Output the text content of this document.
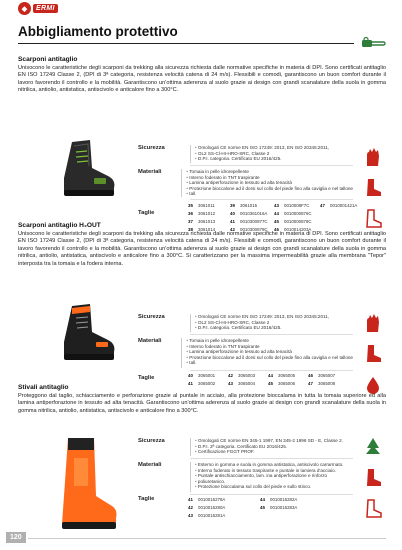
◆	ERMI
Abbigliamento protettivo
Scarponi antitaglio
Unisocono le caratteristiche degli scarponi da trekking alla sicurezza richiesta dalle normative specifiche in materia di DPI. Sono certificati antitaglio EN ISO 17249 Classe 2, (DPI di 3ª categoria, resistenza velocità catena di 24 m/s). Flessibili e comodi, garantiscono un buon comfort durante il lavoro favorendo il controllo e la mobilità. Garantiscono un'ottima aderenza al suolo grazie ai design con grandi scanalature della suola in gomma nitrilica, antiolio, antistatica, antiscivolo e anticalore fino a 300°C.
Sicurezza	• Omologati CE norme EN ISO 17249: 2013, EN ISO 20345:2011,
• OL2 SS-Cl-HI-HRO-SRC, Classe 2
• D.P.I. categoria. Certificato EU 2016/425.
Materiali	• Tomaia in pelle idrorepellente
• Interno foderato in TNT traspirante
• Lamina antiperforazione in tessuto ad alta tenacità
• Protezione bioccalone ad il dorsi sul collo del piede fino alla caviglia e nel tallone
• tall.
Taglie
35	3061011	39	3061015	43	0010008F7C	47	0010001421A
36	3061012	40	0010361016A	44	0010000876C
37	3061013	41	0010300877C	45	0010000878C
38	3061014	42	0010300879C	46	0010014203A

Scarponi antitaglio H₂OUT
Unisocono le caratteristiche degli scarponi da trekking alla sicurezza richiesta dalle normative specifiche in materia di DPI. Sono certificati antitaglio EN ISO 17249 Classe 2, (DPI di 3ª categoria, resistenza velocità catena di 24 m/s). Flessibili e comodi, garantiscono un buon comfort durante il lavoro favorendo il controllo e la mobilità. Garantiscono un'ottima aderenza al suolo grazie ai design con grandi scanalature della suola in gomma nitrilica, antiolio, antistatica, antiscivolo e anticalore fino a 300°C. Si caratterizzano per la massima impermeabilità grazie alla membrana "Tepor" interposta tra la tomaia e la fodera interna.
Sicurezza	• Omologati CE norme EN ISO 17249: 2013, EN ISO 20345:2011,
• OL2 SS-Cl-HI-HRO-SRC, Classe 2
• D.P.I. categoria. Certificato EU 2016/425.
Materiali	• Tomaia in pelle idrorepellente
• Interno foderato in TNT traspirante
• Lamina antiperforazione in tessuto ad alta tenacità
• Protezione bioccalone ad il dorsi sul collo del piede fino alla caviglia e nel tallone
• tall.
Taglie	40	3065001	42	3065003	44	3065005	46	3065007
41	3065002	43	3065004	45	3065006	47	3065008

Stivali antitaglio
Proteggono dal taglio, schiacciamento e perforazione grazie al puntale in acciaio, alla protezione bioccalama in tutta la tomaia superiore ed alla lamina antiperforazione in tessuto ad alta tenacità. Garantiscono un'ottima aderenza al suolo grazie ai design con grandi scanalature della suola in gomma nitrilica, antiolio, antistatica, antiscivolo e anticalore fino a 300°C.
Sicurezza	• Omologati CE norme EN 345-1 1997, EN 345-2 1996 SD - E, Classe 2.
• D.P.I. 3ª categoria. Certificato EU 2016/425.
• Certificazione FGGT PROF.
Materiali	• Esterno in gomma e suola in gomma antistatica, antiscivolo carrarmato.
• Interno foderato in tessuto traspirante e puntale in lamiera d'acciaio.
• Puntale antischiacciamento, lam. ina antiperforazione e rinforzo
• poliuretanico.
• Protezione bioccalama sul collo del piede e sullo stinco.
Taglie	41	0010016278A	44	0010016282A
42	0010016280A	45	0010016283A
43	0010016281A

120
